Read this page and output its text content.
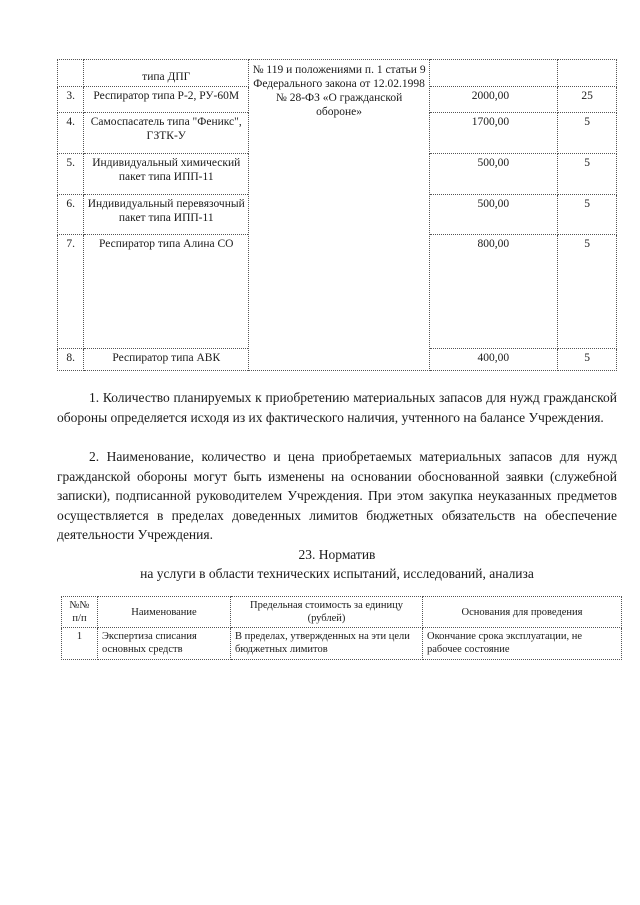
	типа ДПГ	№ 119 и положениями п. 1 статьи 9 Федерального закона от 12.02.1998 № 28-ФЗ «О гражданской обороне»		
3.	Респиратор типа Р-2, РУ-60М		2000,00	25
4.	Самоспасатель типа "Феникс", ГЗТК-У		1700,00	5
5.	Индивидуальный химический пакет типа ИПП-11		500,00	5
6.	Индивидуальный перевязочный пакет типа ИПП-11		500,00	5
7.	Респиратор типа Алина СО		800,00	5
8.	Респиратор типа АВК		400,00	5

1. Количество планируемых к приобретению материальных запасов для нужд гражданской обороны определяется исходя из их фактического наличия, учтенного на балансе Учреждения.

2. Наименование, количество и цена приобретаемых материальных запасов для нужд гражданской обороны могут быть изменены на основании обоснованной заявки (служебной записки), подписанной руководителем Учреждения. При этом закупка неуказанных предметов осуществляется в пределах доведенных лимитов бюджетных обязательств на обеспечение деятельности Учреждения.

23. Норматив

на услуги в области технических испытаний, исследований, анализа

№№ п/п	Наименование	Предельная стоимость за единицу (рублей)	Основания для проведения
1	Экспертиза списания основных средств	В пределах, утвержденных на эти цели бюджетных лимитов	Окончание срока эксплуатации, не рабочее состояние
